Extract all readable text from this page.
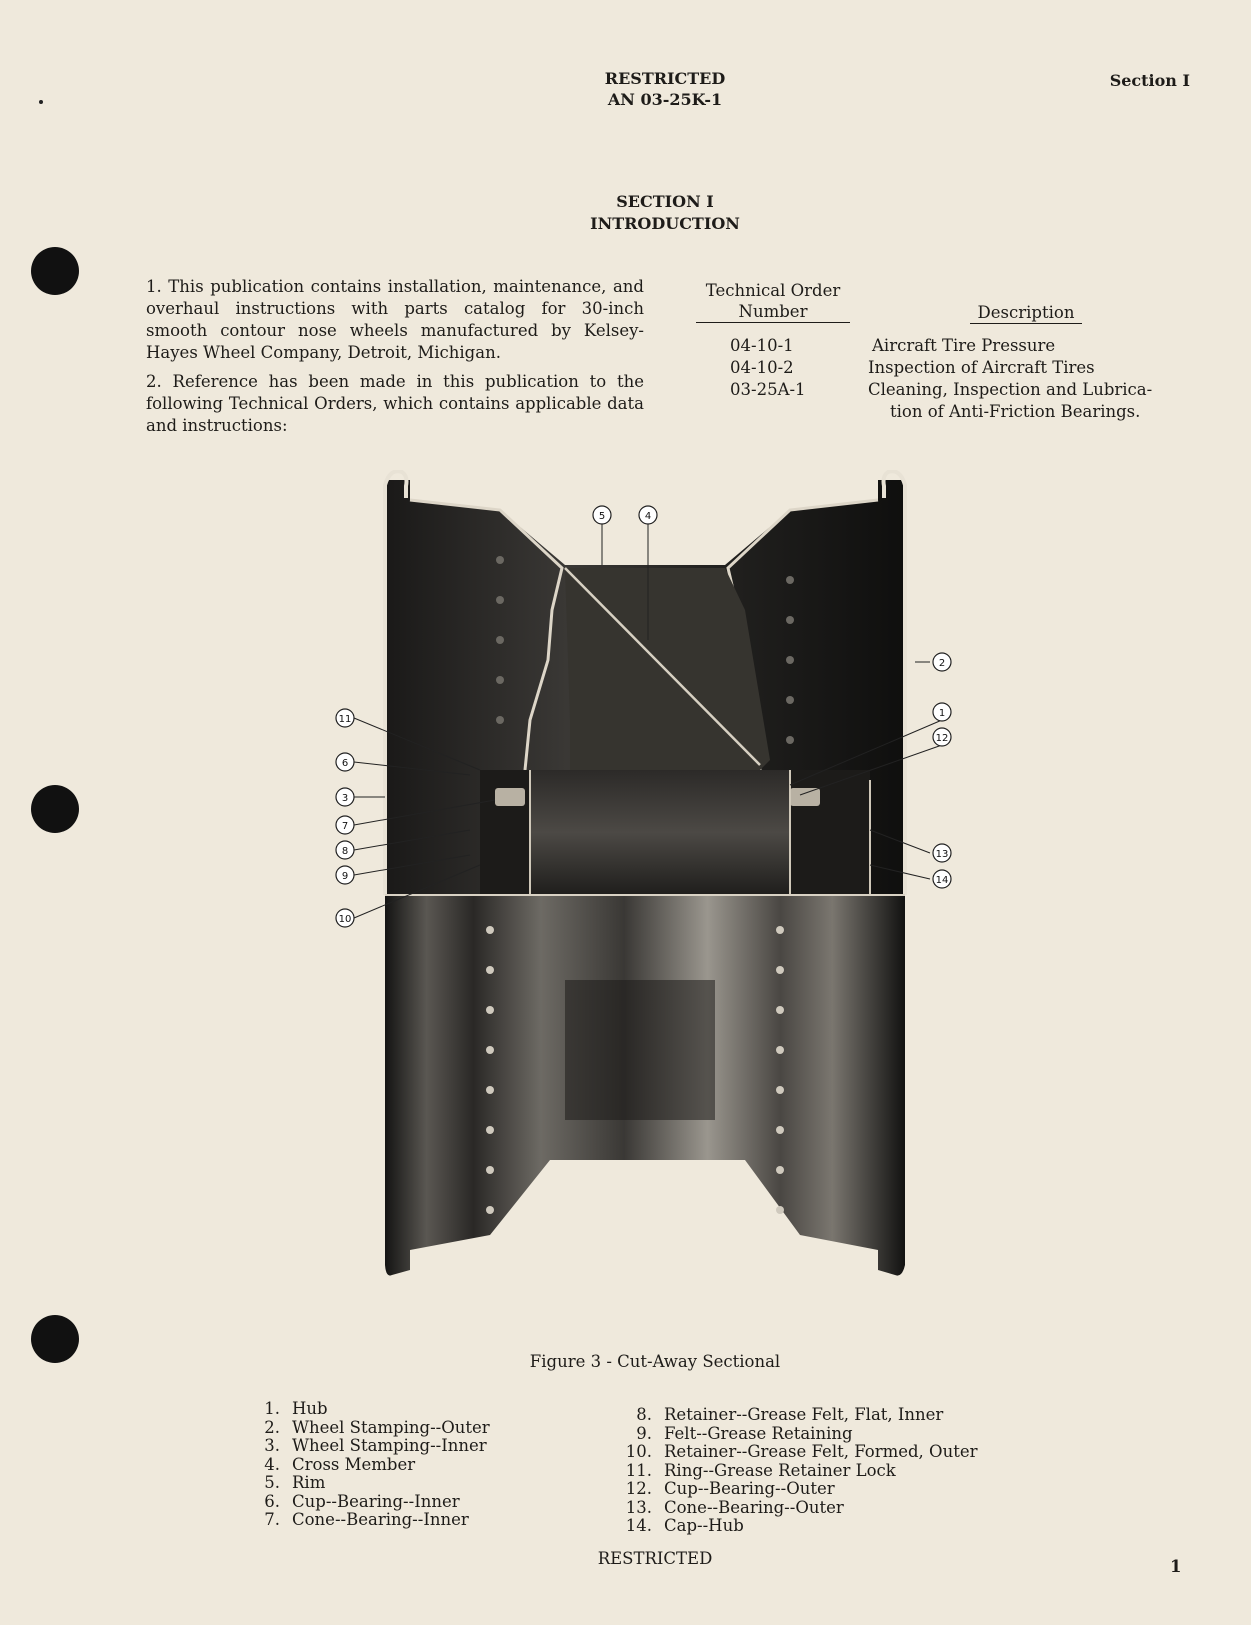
RESTRICTED
AN 03-25K-1
Section I
SECTION I
INTRODUCTION

1. This publication contains installation, maintenance, and overhaul instructions with parts catalog for 30-inch smooth contour nose wheels manufactured by Kelsey-Hayes Wheel Company, Detroit, Michigan.

2. Reference has been made in this publication to the following Technical Orders, which contains applicable data and instructions:

Technical Order
Number	Description
04-10-1	Aircraft Tire Pressure
04-10-2	Inspection of Aircraft Tires
03-25A-1	Cleaning, Inspection and Lubrica-
tion of Anti-Friction Bearings.
5	4
2
1
12
13
14
11
6
3
7
8
9
10
Figure 3 - Cut-Away Sectional
1. Hub
2. Wheel Stamping--Outer
3. Wheel Stamping--Inner
4. Cross Member
5. Rim
6. Cup--Bearing--Inner
7. Cone--Bearing--Inner
8. Retainer--Grease Felt, Flat, Inner
9. Felt--Grease Retaining
10. Retainer--Grease Felt, Formed, Outer
11. Ring--Grease Retainer Lock
12. Cup--Bearing--Outer
13. Cone--Bearing--Outer
14. Cap--Hub
RESTRICTED	1
